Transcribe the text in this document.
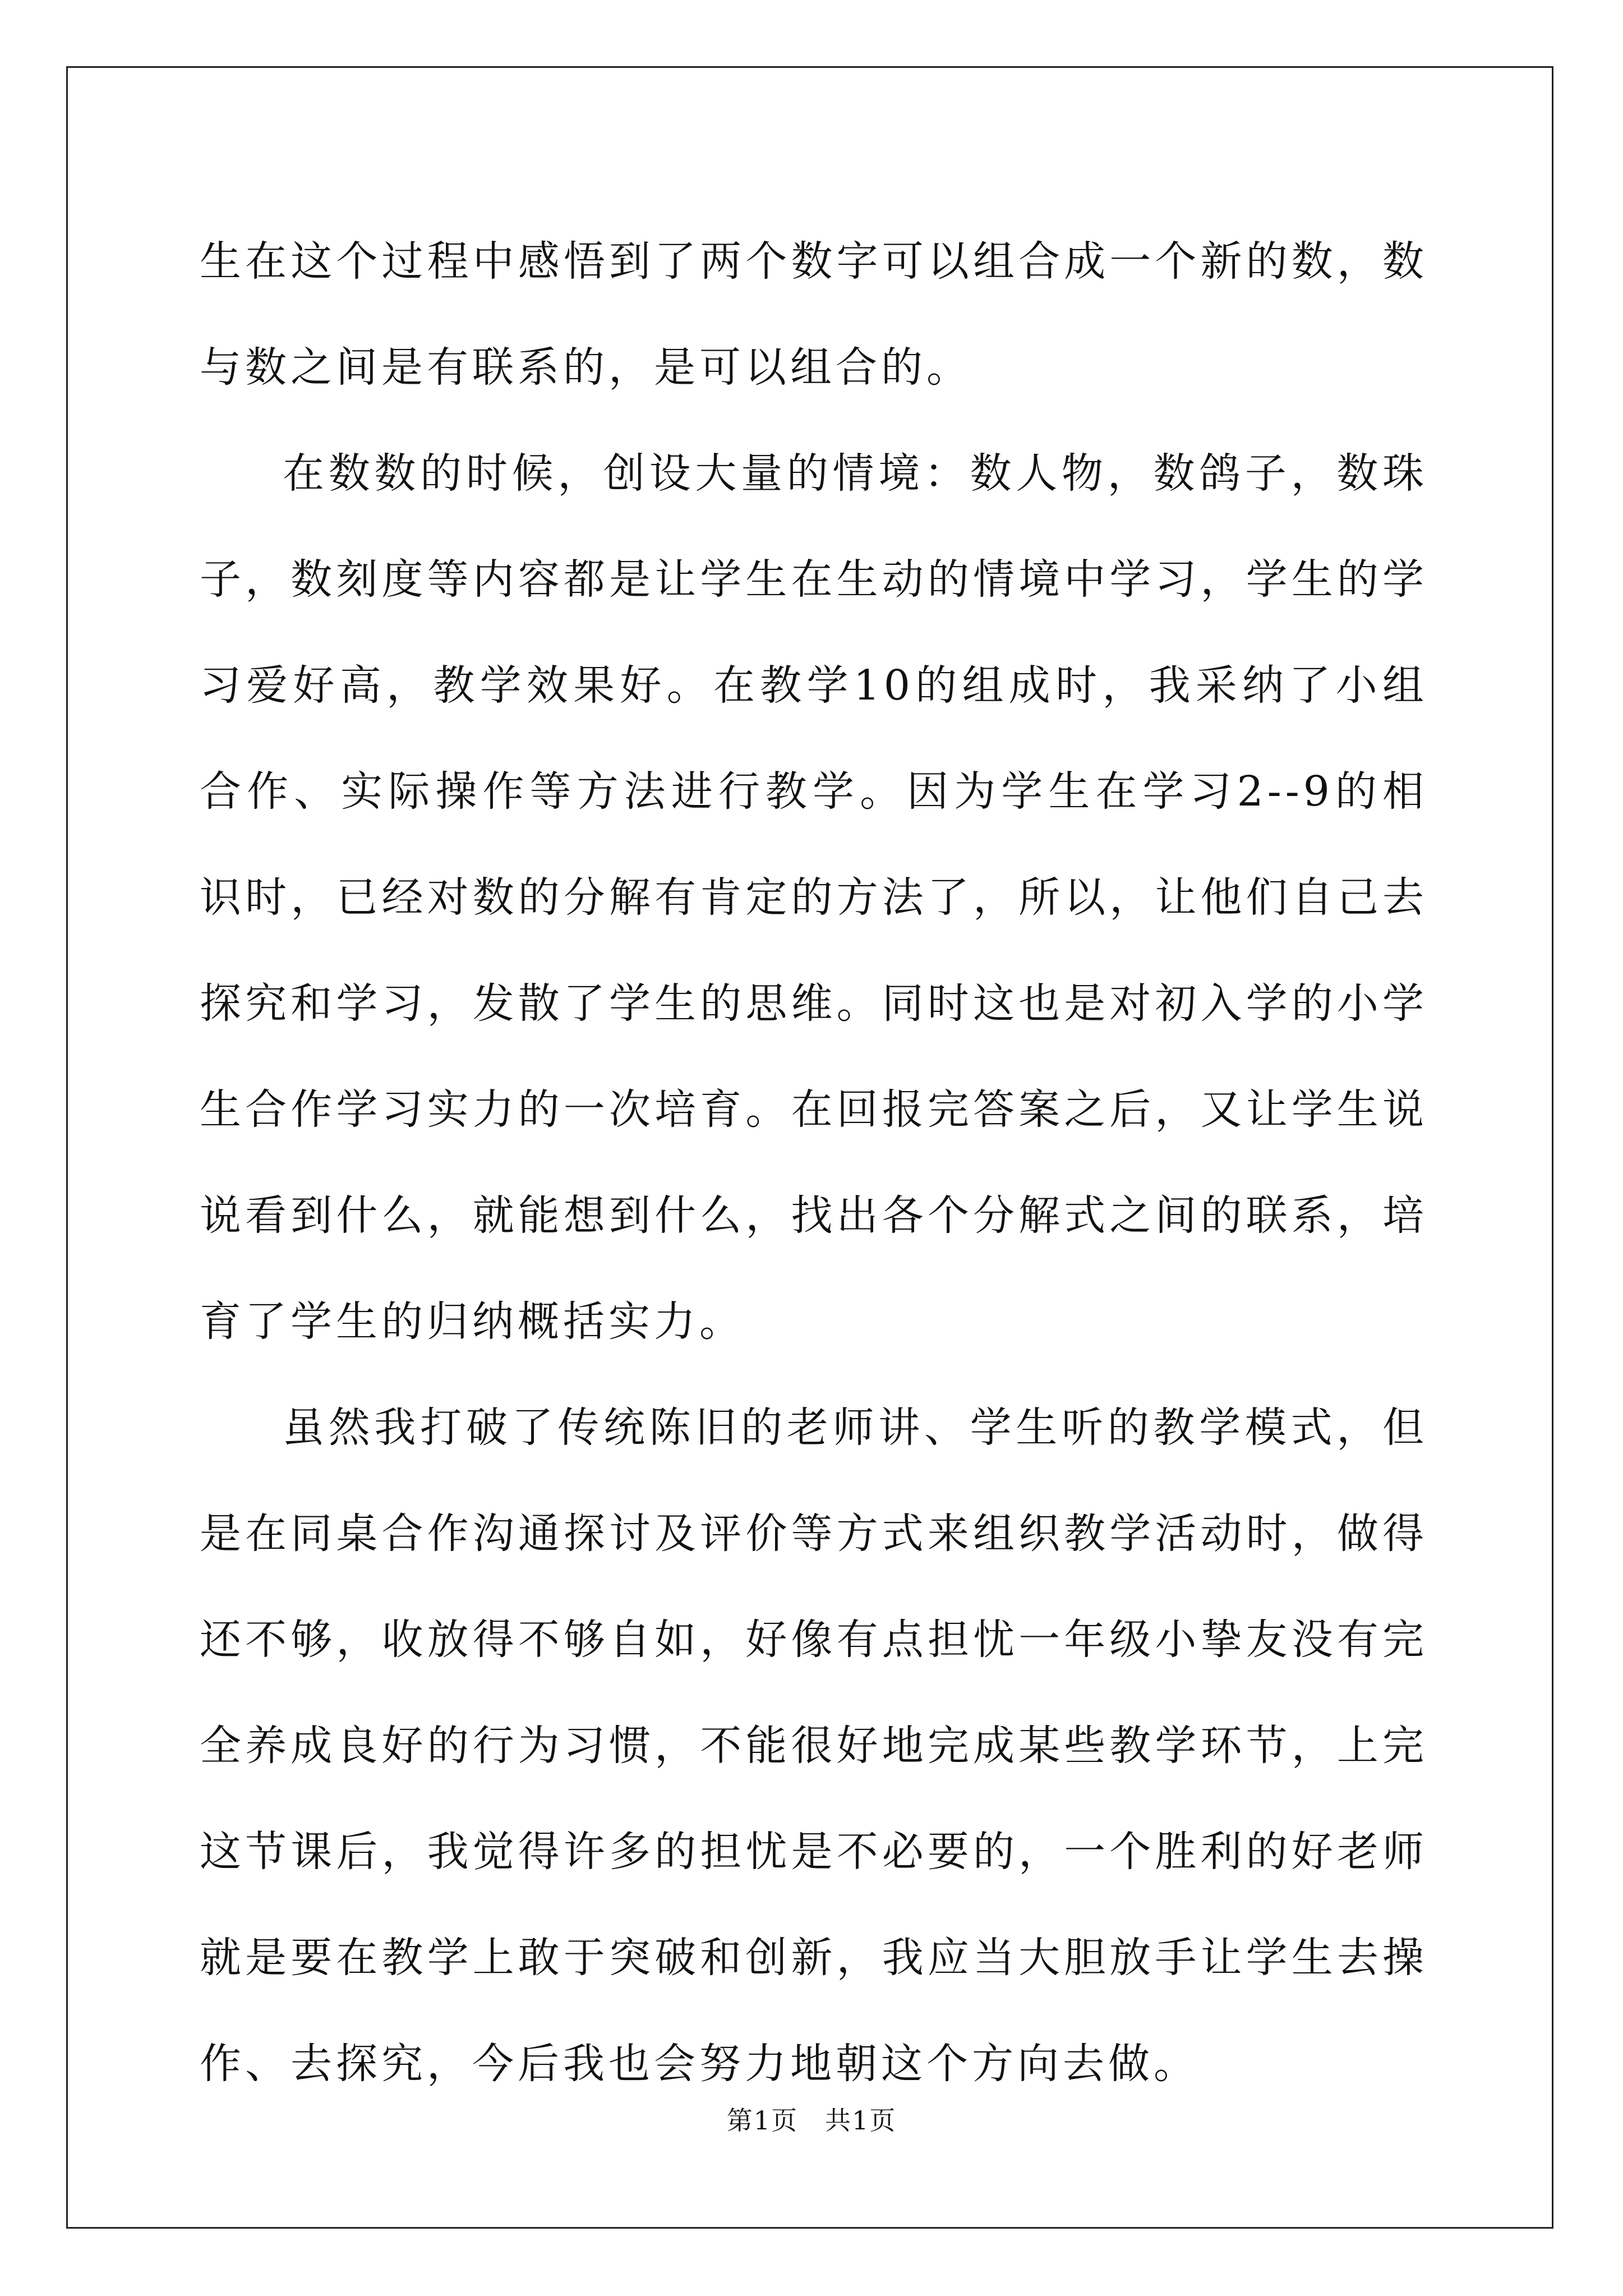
生在这个过程中感悟到了两个数字可以组合成一个新的数，数与数之间是有联系的，是可以组合的。

在数数的时候，创设大量的情境：数人物，数鸽子，数珠子，数刻度等内容都是让学生在生动的情境中学习，学生的学习爱好高，教学效果好。在教学10的组成时，我采纳了小组合作、实际操作等方法进行教学。因为学生在学习2--9的相识时，已经对数的分解有肯定的方法了，所以，让他们自己去探究和学习，发散了学生的思维。同时这也是对初入学的小学生合作学习实力的一次培育。在回报完答案之后，又让学生说说看到什么，就能想到什么，找出各个分解式之间的联系，培育了学生的归纳概括实力。

虽然我打破了传统陈旧的老师讲、学生听的教学模式，但是在同桌合作沟通探讨及评价等方式来组织教学活动时，做得还不够，收放得不够自如，好像有点担忧一年级小挚友没有完全养成良好的行为习惯，不能很好地完成某些教学环节，上完这节课后，我觉得许多的担忧是不必要的，一个胜利的好老师就是要在教学上敢于突破和创新，我应当大胆放手让学生去操作、去探究，今后我也会努力地朝这个方向去做。

第1页　共1页
